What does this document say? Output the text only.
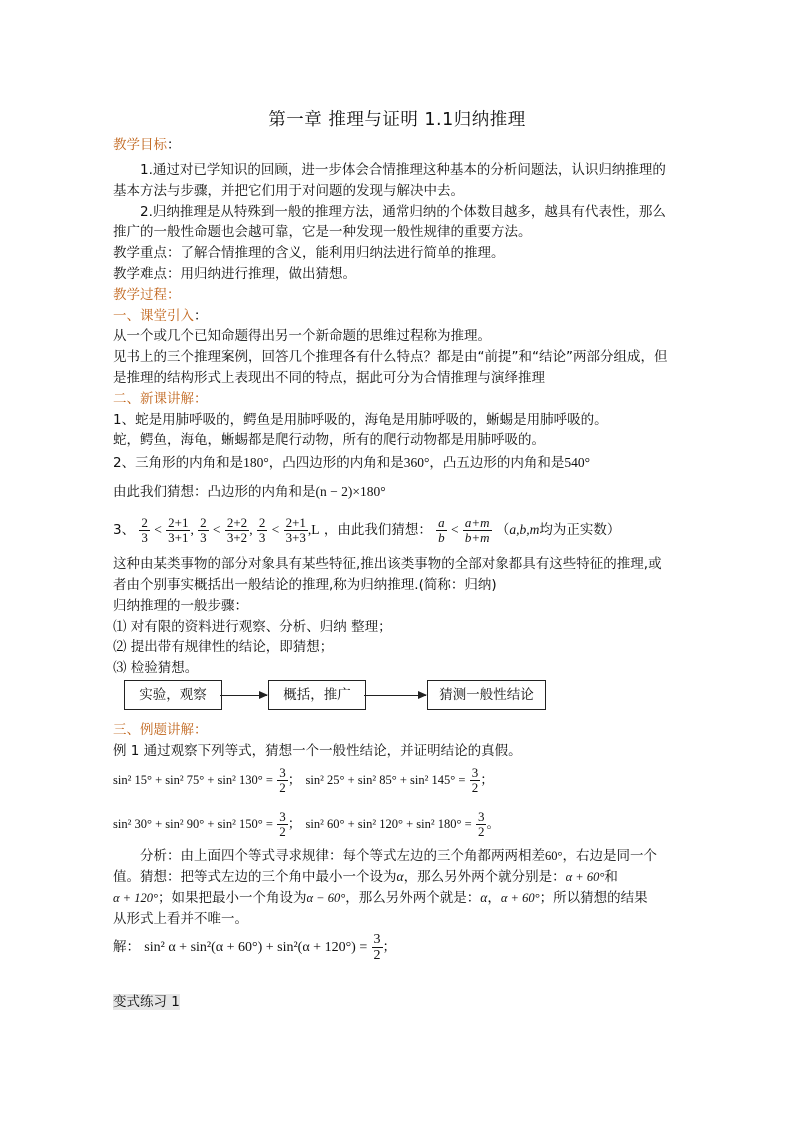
第一章 推理与证明 1.1归纳推理
教学目标：
1.通过对已学知识的回顾，进一步体会合情推理这种基本的分析问题法，认识归纳推理的
基本方法与步骤，并把它们用于对问题的发现与解决中去。
2.归纳推理是从特殊到一般的推理方法，通常归纳的个体数目越多，越具有代表性，那么
推广的一般性命题也会越可靠，它是一种发现一般性规律的重要方法。
教学重点：了解合情推理的含义，能利用归纳法进行简单的推理。
教学难点：用归纳进行推理，做出猜想。
教学过程：
一、课堂引入：
从一个或几个已知命题得出另一个新命题的思维过程称为推理。
见书上的三个推理案例，回答几个推理各有什么特点？都是由“前提”和“结论”两部分组成，但
是推理的结构形式上表现出不同的特点，据此可分为合情推理与演绎推理
二、新课讲解：
1、蛇是用肺呼吸的，鳄鱼是用肺呼吸的，海龟是用肺呼吸的，蜥蜴是用肺呼吸的。
蛇，鳄鱼，海龟，蜥蜴都是爬行动物，所有的爬行动物都是用肺呼吸的。
2、三角形的内角和是180°，凸四边形的内角和是360°，凸五边形的内角和是540°
由此我们猜想：凸边形的内角和是(n − 2)×180°
3、 $\frac{2}{3} < \frac{2+1}{3+1}$ , $\frac{2}{3} < \frac{2+2}{3+2}$ , $\frac{2}{3} < \frac{2+1}{3+3} ,L$ ，由此我们猜想： $\frac{a}{b} < \frac{a+m}{b+m} (a,b,m$均为正实数）
这种由某类事物的部分对象具有某些特征,推出该类事物的全部对象都具有这些特征的推理,或
者由个别事实概括出一般结论的推理,称为归纳推理.(简称：归纳)
归纳推理的一般步骤：
⑴ 对有限的资料进行观察、分析、归纳 整理；
⑵ 提出带有规律性的结论，即猜想；
⑶ 检验猜想。
实验，观察	概括，推广	猜测一般性结论
三、例题讲解：
例 1 通过观察下列等式，猜想一个一般性结论，并证明结论的真假。
sin² 15° + sin² 75° + sin² $130^\circ = \frac{3}{2}$ ； sin² 25° + sin² 85° + sin² $145^\circ = \frac{3}{2}$ ；
sin² 30° + sin² 90° + sin² $150^\circ = \frac{3}{2}$ ； sin² 60° + sin² 120° + sin² $180^\circ = \frac{3}{2}$ 。
分析：由上面四个等式寻求规律：每个等式左边的三个角都两两相差60°，右边是同一个
值。猜想：把等式左边的三个角中最小一个设为α，那么另外两个就分别是：α + 60°和
α + 120°；如果把最小一个角设为α − 60°，那么另外两个就是：α，α + 60°；所以猜想的结果
从形式上看并不唯一。
解： sin² $\alpha + \sin^2(\alpha + 60^\circ) + \sin^2(\alpha + 120^\circ) = \frac{3}{2}$ ；
变式练习 1
